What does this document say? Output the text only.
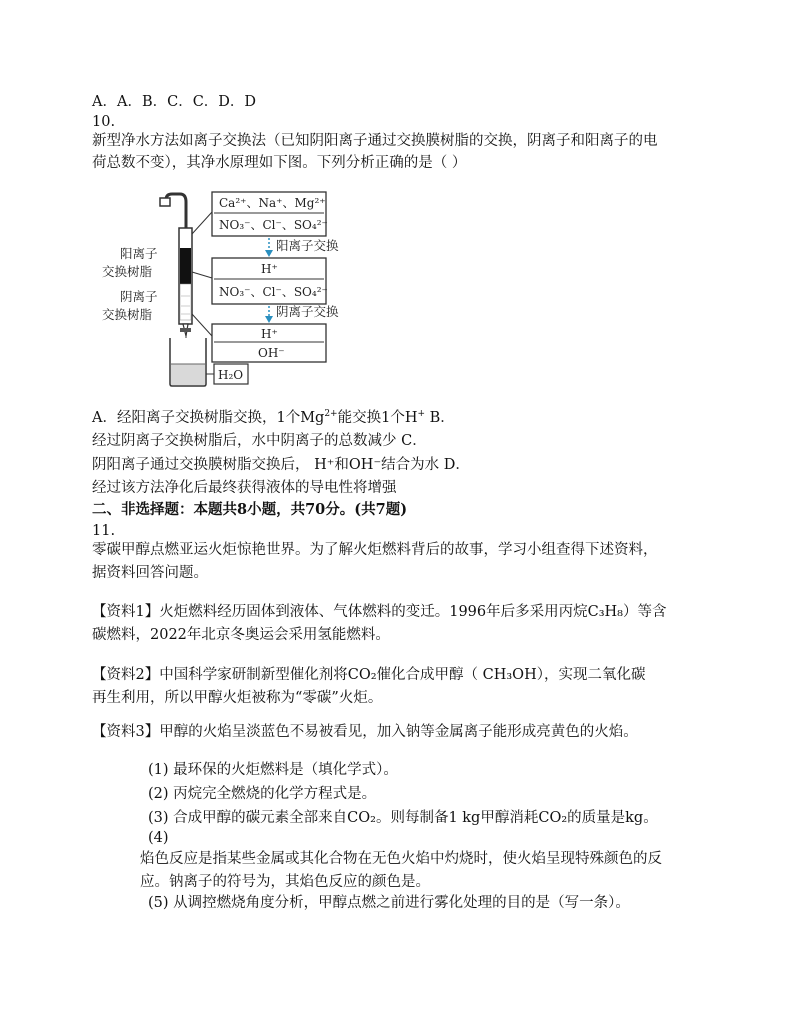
A．A．B．C．C．D．D
10.
新型净水方法如离子交换法（已知阴阳离子通过交换膜树脂的交换，阴离子和阳离子的电
荷总数不变），其净水原理如下图。下列分析正确的是（ ）
阳离子
交换树脂
阴离子
交换树脂
Ca²⁺、Na⁺、Mg²⁺
NO₃⁻、Cl⁻、SO₄²⁻
阳离子交换
H⁺
NO₃⁻、Cl⁻、SO₄²⁻
阴离子交换
H⁺
OH⁻
H₂O
A．经阳离子交换树脂交换，1个$Mg^{2+}$能交换1个H+ B．
经过阴离子交换树脂后，水中阴离子的总数减少 C．
阴阳离子通过交换膜树脂交换后， H⁺和OH⁻结合为水 D．
经过该方法净化后最终获得液体的导电性将增强
二、非选择题：本题共8小题，共70分。(共7题)
11.
零碳甲醇点燃亚运火炬惊艳世界。为了解火炬燃料背后的故事，学习小组查得下述资料，
据资料回答问题。
【资料1】火炬燃料经历固体到液体、气体燃料的变迁。1996年后多采用丙烷C₃H₈）等含
碳燃料，2022年北京冬奥运会采用氢能燃料。
【资料2】中国科学家研制新型催化剂将CO₂催化合成甲醇（ CH₃OH），实现二氧化碳
再生利用，所以甲醇火炬被称为“零碳”火炬。
【资料3】甲醇的火焰呈淡蓝色不易被看见，加入钠等金属离子能形成亮黄色的火焰。
(1) 最环保的火炬燃料是（填化学式）。
(2) 丙烷完全燃烧的化学方程式是。
(3) 合成甲醇的碳元素全部来自CO₂。则每制备1 kg甲醇消耗CO₂的质量是kg。
(4)
焰色反应是指某些金属或其化合物在无色火焰中灼烧时，使火焰呈现特殊颜色的反
应。钠离子的符号为，其焰色反应的颜色是。
(5) 从调控燃烧角度分析，甲醇点燃之前进行雾化处理的目的是（写一条）。
